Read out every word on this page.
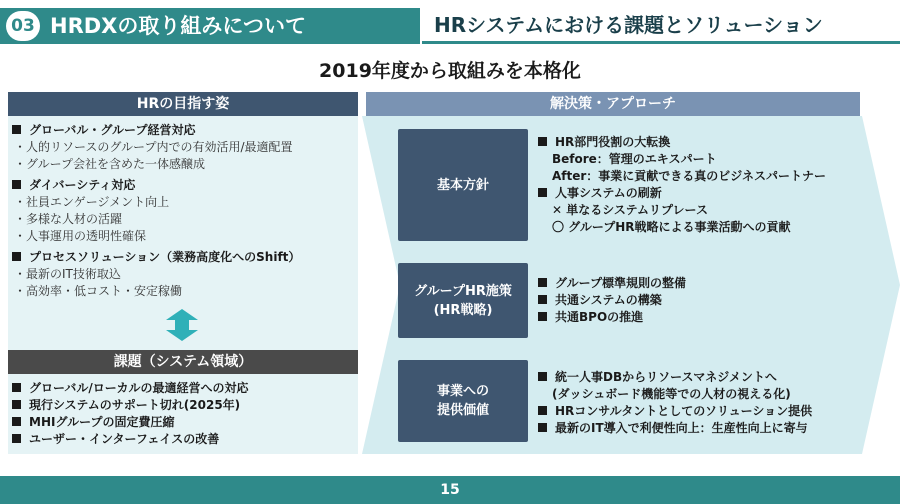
03 HRDXの取り組みについて	HRシステムにおける課題とソリューション
2019年度から取組みを本格化
HRの目指す姿
グローバル・グループ経営対応
・人的リソースのグループ内での有効活用/最適配置
・グループ会社を含めた一体感醸成
ダイバーシティ対応
・社員エンゲージメント向上
・多様な人材の活躍
・人事運用の透明性確保
プロセスソリューション（業務高度化へのShift）
・最新のIT技術取込
・高効率・低コスト・安定稼働
課題（システム領域）
グローバル/ローカルの最適経営への対応
現行システムのサポート切れ(2025年)
MHIグループの固定費圧縮
ユーザー・インターフェイスの改善
解決策・アプローチ
基本方針
グループHR施策
(HR戦略)
事業への
提供価値
HR部門役割の大転換
Before：管理のエキスパート
After：事業に貢献できる真のビジネスパートナー
人事システムの刷新
✕ 単なるシステムリプレース
〇 グループHR戦略による事業活動への貢献
グループ標準規則の整備
共通システムの構築
共通BPOの推進
統一人事DBからリソースマネジメントへ
(ダッシュボード機能等での人材の視える化)
HRコンサルタントとしてのソリューション提供
最新のIT導入で利便性向上：生産性向上に寄与
15
